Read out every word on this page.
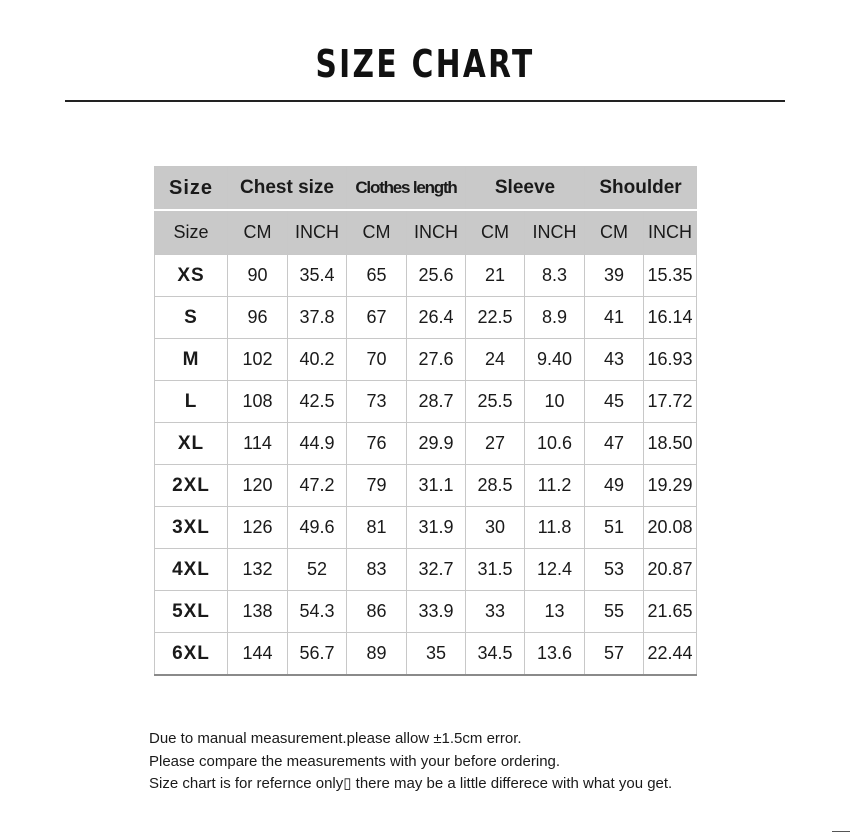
SIZE CHART
Size	Chest size		Clothes length		Sleeve		Shoulder	
Size	CM	INCH	CM	INCH	CM	INCH	CM	INCH
XS	90	35.4	65	25.6	21	8.3	39	15.35
S	96	37.8	67	26.4	22.5	8.9	41	16.14
M	102	40.2	70	27.6	24	9.40	43	16.93
L	108	42.5	73	28.7	25.5	10	45	17.72
XL	114	44.9	76	29.9	27	10.6	47	18.50
2XL	120	47.2	79	31.1	28.5	11.2	49	19.29
3XL	126	49.6	81	31.9	30	11.8	51	20.08
4XL	132	52	83	32.7	31.5	12.4	53	20.87
5XL	138	54.3	86	33.9	33	13	55	21.65
6XL	144	56.7	89	35	34.5	13.6	57	22.44
Due to manual measurement.please allow ±1.5cm error.
Please compare the measurements with your before ordering.
Size chart is for refernce only▯ there may be a little differece with what you get.
